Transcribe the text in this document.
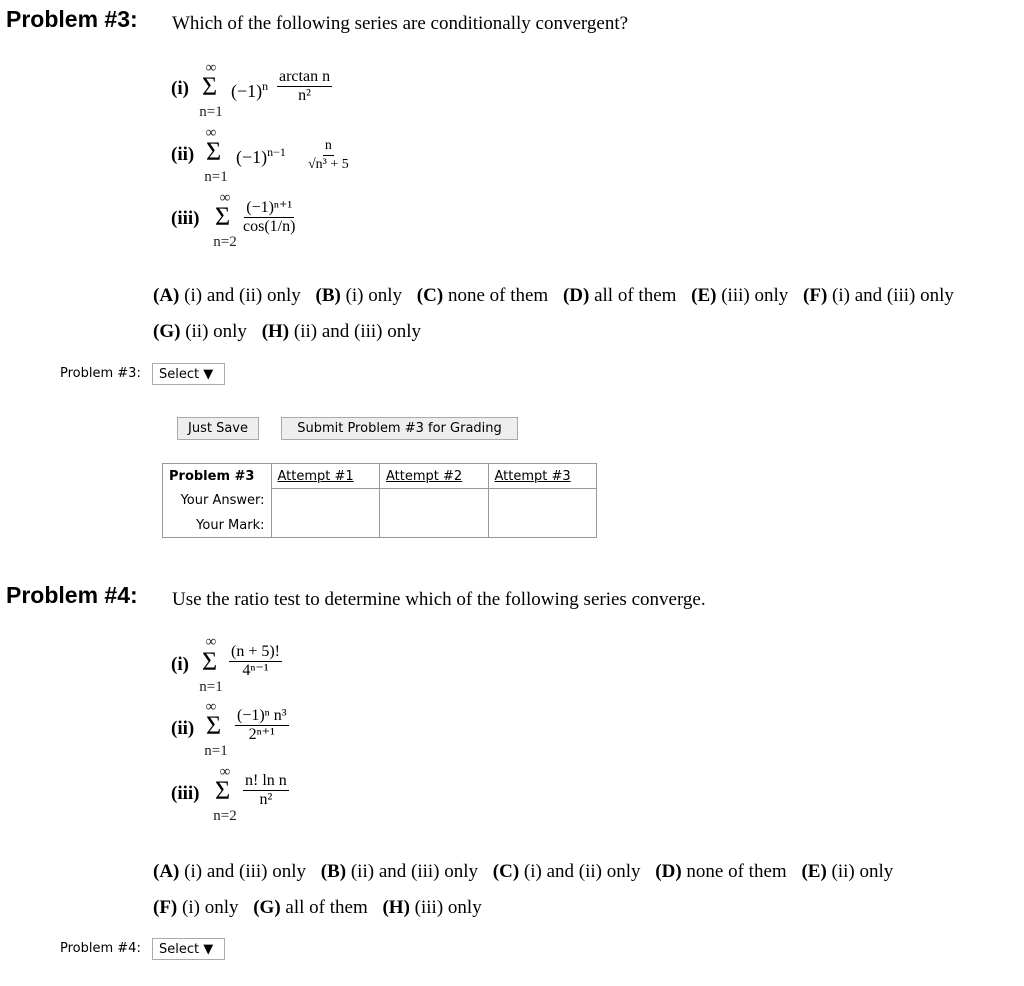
Problem #3: Which of the following series are conditionally convergent?
(i)
∞
Σ
n=1
$(-1)^n \frac{\text{arctan n}}{\text{n²}}$
(ii)
∞
Σ
n=1
$(-1)^{n-1} \frac{n}{\text{√n³ + 5}}$
(iii)
∞
Σ
n=2
$\frac{\text{(−1)ⁿ⁺¹}}{\cos(1/n)}$
(A) (i) and (ii) only (B) (i) only (C) none of them (D) all of them (E) (iii) only (F) (i) and (iii) only
(G) (ii) only (H) (ii) and (iii) only
Problem #3:	Select ▼
Just Save	Submit Problem #3 for Grading
Problem #3	Attempt #1	Attempt #2	Attempt #3
Your Answer:			
Your Mark:			
Problem #4: Use the ratio test to determine which of the following series converge.
(i)
∞
Σ
n=1
$\frac{(n + 5)!}{\text{4ⁿ⁻¹}}$
(ii)
∞
Σ
n=1
$\frac{\text{(−1)ⁿ n³}}{\text{2ⁿ⁺¹}}$
(iii)
∞
Σ
n=2
$\frac{\text{n! ln n}}{\text{n²}}$
(A) (i) and (iii) only (B) (ii) and (iii) only (C) (i) and (ii) only (D) none of them (E) (ii) only
(F) (i) only (G) all of them (H) (iii) only
Problem #4:	Select ▼
